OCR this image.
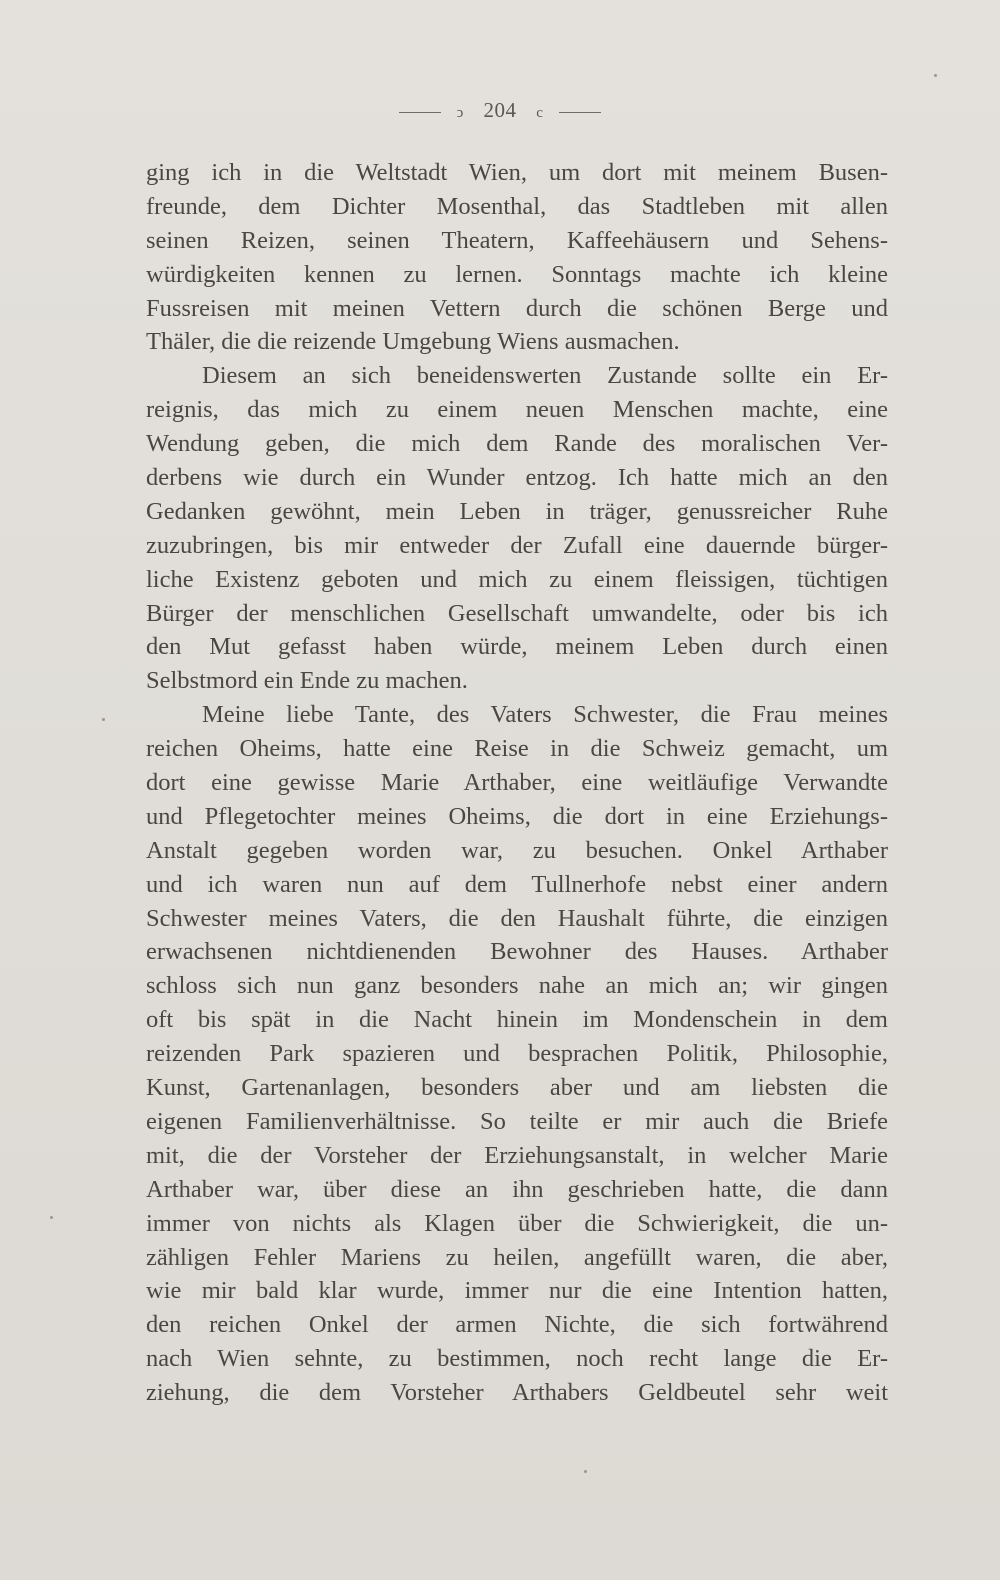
ↄ 204 c
ging ich in die Weltstadt Wien, um dort mit meinem Busen-
freunde, dem Dichter Mosenthal, das Stadtleben mit allen
seinen Reizen, seinen Theatern, Kaffeehäusern und Sehens-
würdigkeiten kennen zu lernen. Sonntags machte ich kleine
Fussreisen mit meinen Vettern durch die schönen Berge und
Thäler, die die reizende Umgebung Wiens ausmachen.
Diesem an sich beneidenswerten Zustande sollte ein Er-
reignis, das mich zu einem neuen Menschen machte, eine
Wendung geben, die mich dem Rande des moralischen Ver-
derbens wie durch ein Wunder entzog. Ich hatte mich an den
Gedanken gewöhnt, mein Leben in träger, genussreicher Ruhe
zuzubringen, bis mir entweder der Zufall eine dauernde bürger-
liche Existenz geboten und mich zu einem fleissigen, tüchtigen
Bürger der menschlichen Gesellschaft umwandelte, oder bis ich
den Mut gefasst haben würde, meinem Leben durch einen
Selbstmord ein Ende zu machen.
Meine liebe Tante, des Vaters Schwester, die Frau meines
reichen Oheims, hatte eine Reise in die Schweiz gemacht, um
dort eine gewisse Marie Arthaber, eine weitläufige Verwandte
und Pflegetochter meines Oheims, die dort in eine Erziehungs-
Anstalt gegeben worden war, zu besuchen. Onkel Arthaber
und ich waren nun auf dem Tullnerhofe nebst einer andern
Schwester meines Vaters, die den Haushalt führte, die einzigen
erwachsenen nichtdienenden Bewohner des Hauses. Arthaber
schloss sich nun ganz besonders nahe an mich an; wir gingen
oft bis spät in die Nacht hinein im Mondenschein in dem
reizenden Park spazieren und besprachen Politik, Philosophie,
Kunst, Gartenanlagen, besonders aber und am liebsten die
eigenen Familienverhältnisse. So teilte er mir auch die Briefe
mit, die der Vorsteher der Erziehungsanstalt, in welcher Marie
Arthaber war, über diese an ihn geschrieben hatte, die dann
immer von nichts als Klagen über die Schwierigkeit, die un-
zähligen Fehler Mariens zu heilen, angefüllt waren, die aber,
wie mir bald klar wurde, immer nur die eine Intention hatten,
den reichen Onkel der armen Nichte, die sich fortwährend
nach Wien sehnte, zu bestimmen, noch recht lange die Er-
ziehung, die dem Vorsteher Arthabers Geldbeutel sehr weit
